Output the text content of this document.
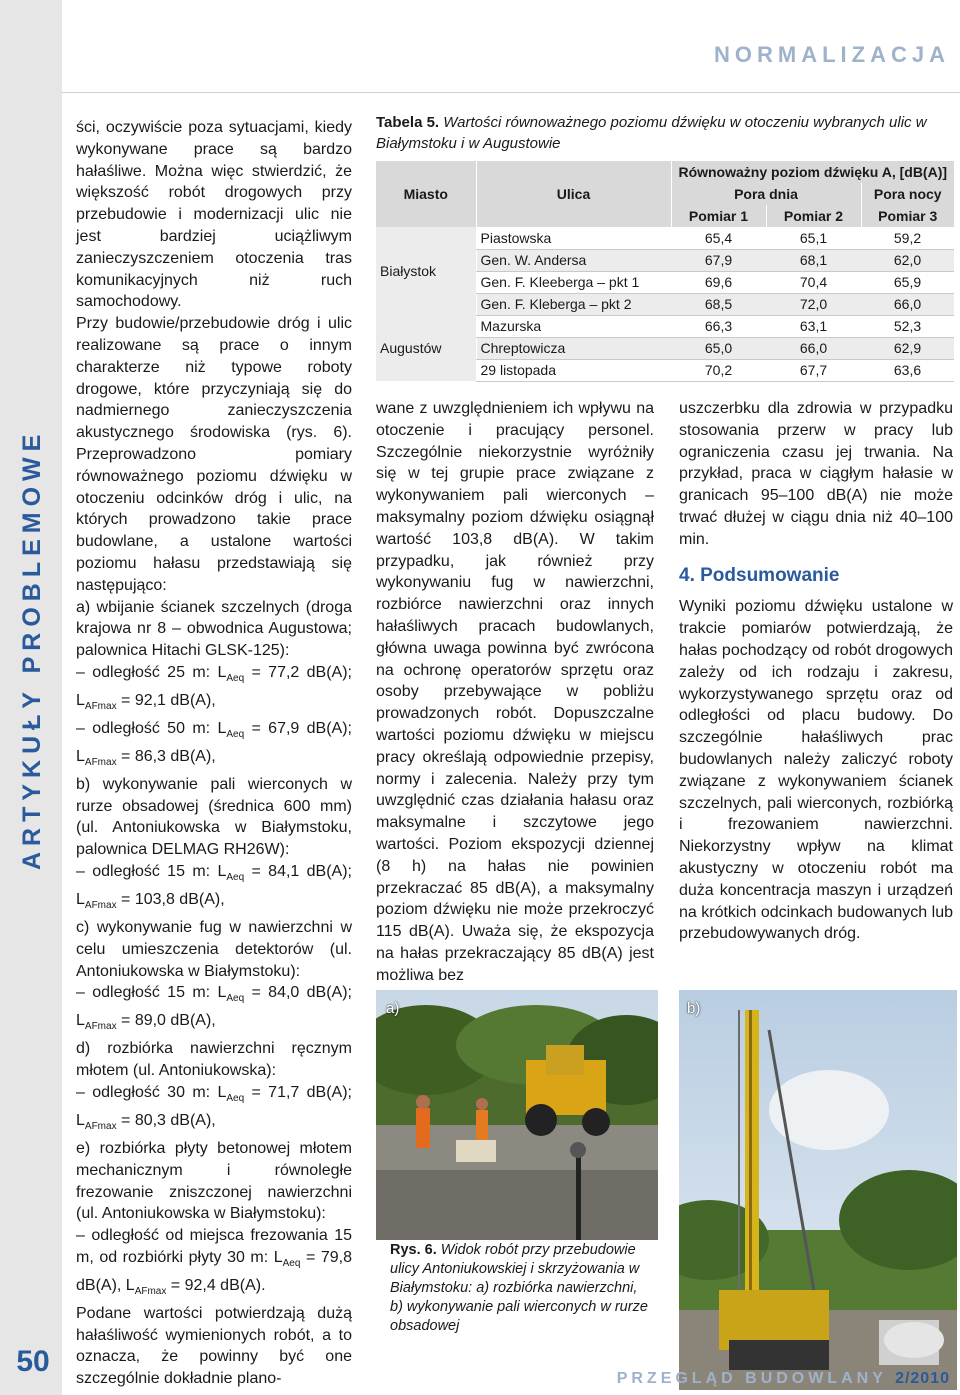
ARTYKUŁY PROBLEMOWE
50
NORMALIZACJA

ści, oczywiście poza sytuacjami, kiedy wykonywane prace są bardzo hałaśliwe. Można więc stwierdzić, że większość robót drogowych przy przebudowie i modernizacji ulic nie jest bardziej uciążliwym zanieczyszczeniem otoczenia tras komunikacyjnych niż ruch samochodowy.

Przy budowie/przebudowie dróg i ulic realizowane są prace o innym charakterze niż typowe roboty drogowe, które przyczyniają się do nadmiernego zanieczyszczenia akustycznego środowiska (rys. 6). Przeprowadzono pomiary równoważnego poziomu dźwięku w otoczeniu odcinków dróg i ulic, na których prowadzono takie prace budowlane, a ustalone wartości poziomu hałasu przedstawiają się następująco:

a) wbijanie ścianek szczelnych (droga krajowa nr 8 – obwodnica Augustowa; palownica Hitachi GLSK-125):

– odległość 25 m: $L_{Aeq} = 77,2$ dB(A); $L_{AFmax} = 92,1$ dB(A),

– odległość 50 m: $L_{Aeq} = 67,9$ dB(A); $L_{AFmax} = 86,3$ dB(A),

b) wykonywanie pali wierconych w rurze obsadowej (średnica 600 mm) (ul. Antoniukowska w Białymstoku, palownica DELMAG RH26W):

– odległość 15 m: $L_{Aeq} = 84,1$ dB(A); $L_{AFmax} = 103,8$ dB(A),

c) wykonywanie fug w nawierzchni w celu umieszczenia detektorów (ul. Antoniukowska w Białymstoku):

– odległość 15 m: $L_{Aeq} = 84,0$ dB(A); $L_{AFmax} = 89,0$ dB(A),

d) rozbiórka nawierzchni ręcznym młotem (ul. Antoniukowska):

– odległość 30 m: $L_{Aeq} = 71,7$ dB(A); $L_{AFmax} = 80,3$ dB(A),

e) rozbiórka płyty betonowej młotem mechanicznym i równoległe frezowanie zniszczonej nawierzchni (ul. Antoniukowska w Białymstoku):

– odległość od miejsca frezowania 15 m, od rozbiórki płyty 30 m: $L_{Aeq} = 79,8$ dB(A), $L_{AFmax} = 92,4$ dB(A).

Podane wartości potwierdzają dużą hałaśliwość wymienionych robót, a to oznacza, że powinny być one szczególnie dokładnie plano-

Tabela 5. Wartości równoważnego poziomu dźwięku w otoczeniu wybranych ulic w Białymstoku i w Augustowie
Miasto	Ulica	Równoważny poziom dźwięku A, [dB(A)]		
		Pora dnia		Pora nocy
		Pomiar 1	Pomiar 2	Pomiar 3
Białystok	Piastowska	65,4	65,1	59,2
	Gen. W. Andersa	67,9	68,1	62,0
	Gen. F. Kleeberga – pkt 1	69,6	70,4	65,9
	Gen. F. Kleberga – pkt 2	68,5	72,0	66,0
Augustów	Mazurska	66,3	63,1	52,3
	Chreptowicza	65,0	66,0	62,9
	29 listopada	70,2	67,7	63,6

wane z uwzględnieniem ich wpływu na otoczenie i pracujący personel. Szczególnie niekorzystnie wyróżniły się w tej grupie prace związane z wykonywaniem pali wierconych – maksymalny poziom dźwięku osiągnął wartość 103,8 dB(A). W takim przypadku, jak również przy wykonywaniu fug w nawierzchni, rozbiórce nawierzchni oraz innych hałaśliwych pracach budowlanych, główna uwaga powinna być zwrócona na ochronę operatorów sprzętu oraz osoby przebywające w pobliżu prowadzonych robót. Dopuszczalne wartości poziomu dźwięku w miejscu pracy określają odpowiednie przepisy, normy i zalecenia. Należy przy tym uwzględnić czas działania hałasu oraz maksymalne i szczytowe jego wartości. Poziom ekspozycji dziennej (8 h) na hałas nie powinien przekraczać 85 dB(A), a maksymalny poziom dźwięku nie może przekroczyć 115 dB(A). Uważa się, że ekspozycja na hałas przekraczający 85 dB(A) jest możliwa bez

uszczerbku dla zdrowia w przypadku stosowania przerw w pracy lub ograniczenia czasu jej trwania. Na przykład, praca w ciągłym hałasie w granicach 95–100 dB(A) nie może trwać dłużej w ciągu dnia niż 40–100 min.

4. Podsumowanie

Wyniki poziomu dźwięku ustalone w trakcie pomiarów potwierdzają, że hałas pochodzący od robót drogowych zależy od ich rodzaju i zakresu, wykorzystywanego sprzętu oraz od odległości od placu budowy. Do szczególnie hałaśliwych prac budowlanych należy zaliczyć roboty związane z wykonywaniem ścianek szczelnych, pali wierconych, rozbiórką i frezowaniem nawierzchni. Niekorzystny wpływ na klimat akustyczny w otoczeniu robót ma duża koncentracja maszyn i urządzeń na krótkich odcinkach budowanych lub przebudowywanych dróg.

a)	b)
Rys. 6. Widok robót przy przebudowie ulicy Antoniukowskiej i skrzyżowania w Białymstoku: a) rozbiórka nawierzchni, b) wykonywanie pali wierconych w rurze obsadowej
PRZEGLĄD BUDOWLANY 2/2010
